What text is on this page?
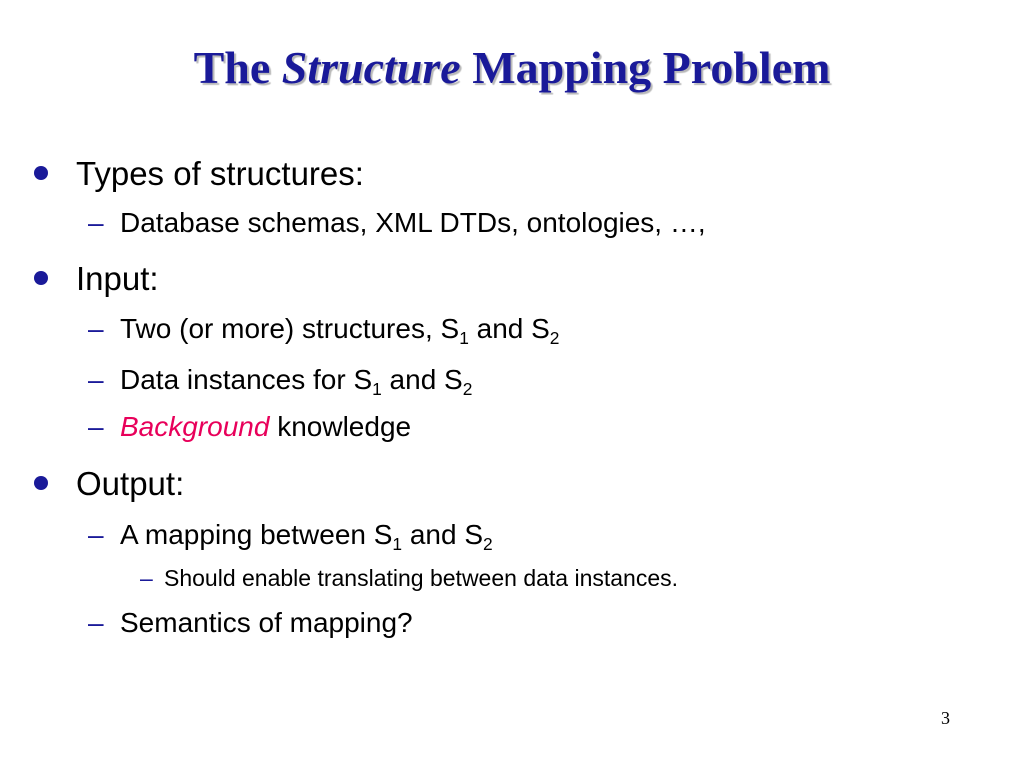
The Structure Mapping Problem
Types of structures:
– Database schemas, XML DTDs, ontologies, …,
Input:
– Two (or more) structures, $S_1$ and $S_2$
– Data instances for $S_1$ and $S_2$
– Background knowledge
Output:
– A mapping between $S_1$ and $S_2$
– Should enable translating between data instances.
– Semantics of mapping?
3
